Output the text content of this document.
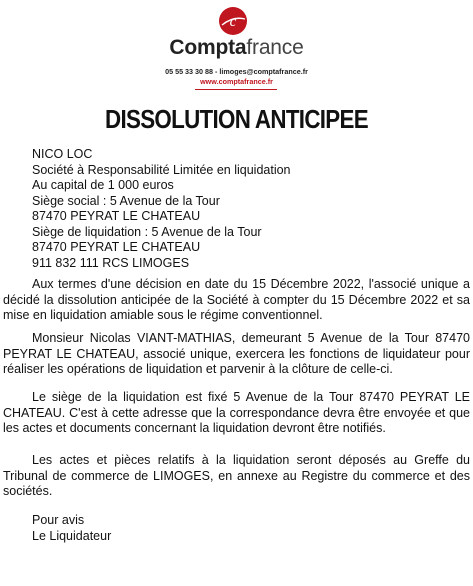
c
Comptafrance
05 55 33 30 88 - limoges@comptafrance.fr
www.comptafrance.fr
DISSOLUTION ANTICIPEE
NICO LOC
Société à Responsabilité Limitée en liquidation
Au capital de 1 000 euros
Siège social : 5 Avenue de la Tour
87470 PEYRAT LE CHATEAU
Siège de liquidation : 5 Avenue de la Tour
87470 PEYRAT LE CHATEAU
911 832 111 RCS LIMOGES
Aux termes d'une décision en date du 15 Décembre 2022, l'associé unique a décidé la dissolution anticipée de la Société à compter du 15 Décembre 2022 et sa mise en liquidation amiable sous le régime conventionnel.
Monsieur Nicolas VIANT-MATHIAS, demeurant 5 Avenue de la Tour 87470 PEYRAT LE CHATEAU, associé unique, exercera les fonctions de liquidateur pour réaliser les opérations de liquidation et parvenir à la clôture de celle-ci.
Le siège de la liquidation est fixé 5 Avenue de la Tour 87470 PEYRAT LE CHATEAU. C'est à cette adresse que la correspondance devra être envoyée et que les actes et documents concernant la liquidation devront être notifiés.
Les actes et pièces relatifs à la liquidation seront déposés au Greffe du Tribunal de commerce de LIMOGES, en annexe au Registre du commerce et des sociétés.
Pour avis
Le Liquidateur
